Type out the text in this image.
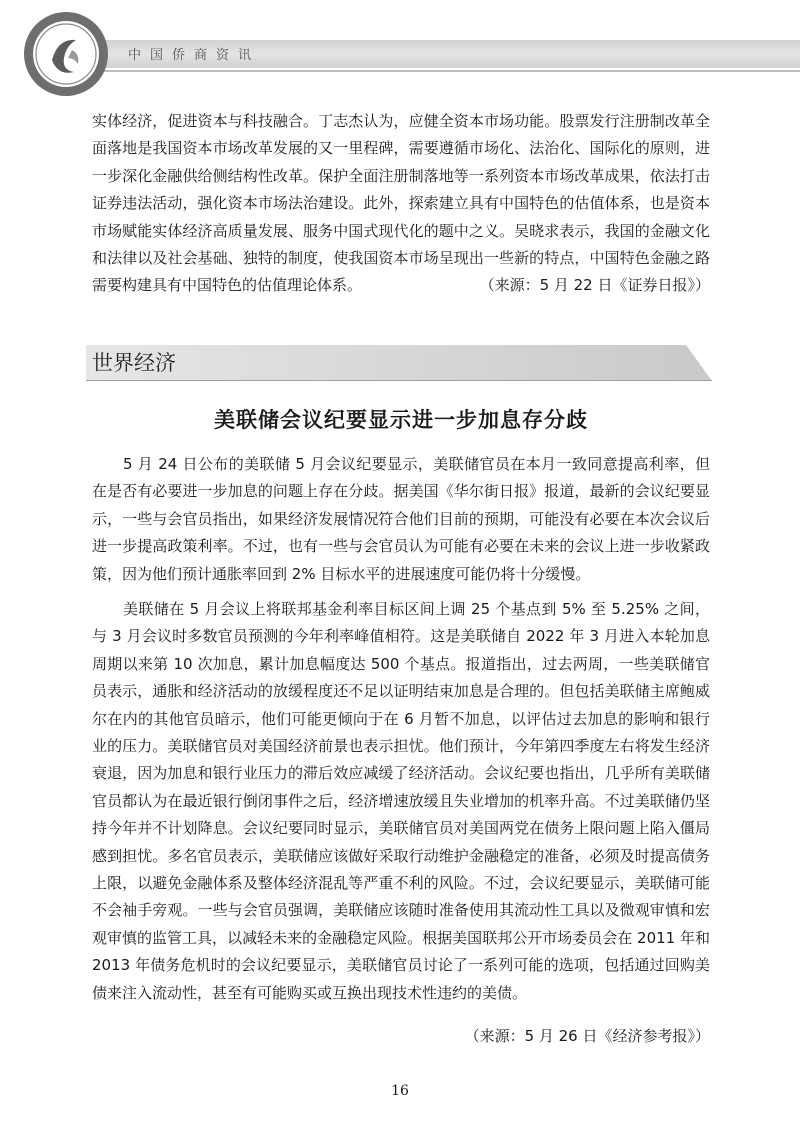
中国侨商资讯
实体经济，促进资本与科技融合。丁志杰认为，应健全资本市场功能。股票发行注册制改革全面落地是我国资本市场改革发展的又一里程碑，需要遵循市场化、法治化、国际化的原则，进一步深化金融供给侧结构性改革。保护全面注册制落地等一系列资本市场改革成果，依法打击证券违法活动，强化资本市场法治建设。此外，探索建立具有中国特色的估值体系，也是资本市场赋能实体经济高质量发展、服务中国式现代化的题中之义。吴晓求表示，我国的金融文化和法律以及社会基础、独特的制度，使我国资本市场呈现出一些新的特点，中国特色金融之路需要构建具有中国特色的估值理论体系。	（来源：5 月 22 日《证券日报》）
世界经济
美联储会议纪要显示进一步加息存分歧

5 月 24 日公布的美联储 5 月会议纪要显示，美联储官员在本月一致同意提高利率，但在是否有必要进一步加息的问题上存在分歧。据美国《华尔街日报》报道，最新的会议纪要显示，一些与会官员指出，如果经济发展情况符合他们目前的预期，可能没有必要在本次会议后进一步提高政策利率。不过，也有一些与会官员认为可能有必要在未来的会议上进一步收紧政策，因为他们预计通胀率回到 2% 目标水平的进展速度可能仍将十分缓慢。

美联储在 5 月会议上将联邦基金利率目标区间上调 25 个基点到 5% 至 5.25% 之间，与 3 月会议时多数官员预测的今年利率峰值相符。这是美联储自 2022 年 3 月进入本轮加息周期以来第 10 次加息，累计加息幅度达 500 个基点。报道指出，过去两周，一些美联储官员表示，通胀和经济活动的放缓程度还不足以证明结束加息是合理的。但包括美联储主席鲍威尔在内的其他官员暗示，他们可能更倾向于在 6 月暂不加息，以评估过去加息的影响和银行业的压力。美联储官员对美国经济前景也表示担忧。他们预计，今年第四季度左右将发生经济衰退，因为加息和银行业压力的滞后效应减缓了经济活动。会议纪要也指出，几乎所有美联储官员都认为在最近银行倒闭事件之后，经济增速放缓且失业增加的机率升高。不过美联储仍坚持今年并不计划降息。会议纪要同时显示，美联储官员对美国两党在债务上限问题上陷入僵局感到担忧。多名官员表示，美联储应该做好采取行动维护金融稳定的准备，必须及时提高债务上限，以避免金融体系及整体经济混乱等严重不利的风险。不过，会议纪要显示，美联储可能不会袖手旁观。一些与会官员强调，美联储应该随时准备使用其流动性工具以及微观审慎和宏观审慎的监管工具，以减轻未来的金融稳定风险。根据美国联邦公开市场委员会在 2011 年和 2013 年债务危机时的会议纪要显示，美联储官员讨论了一系列可能的选项，包括通过回购美债来注入流动性，甚至有可能购买或互换出现技术性违约的美债。

（来源：5 月 26 日《经济参考报》）
16
